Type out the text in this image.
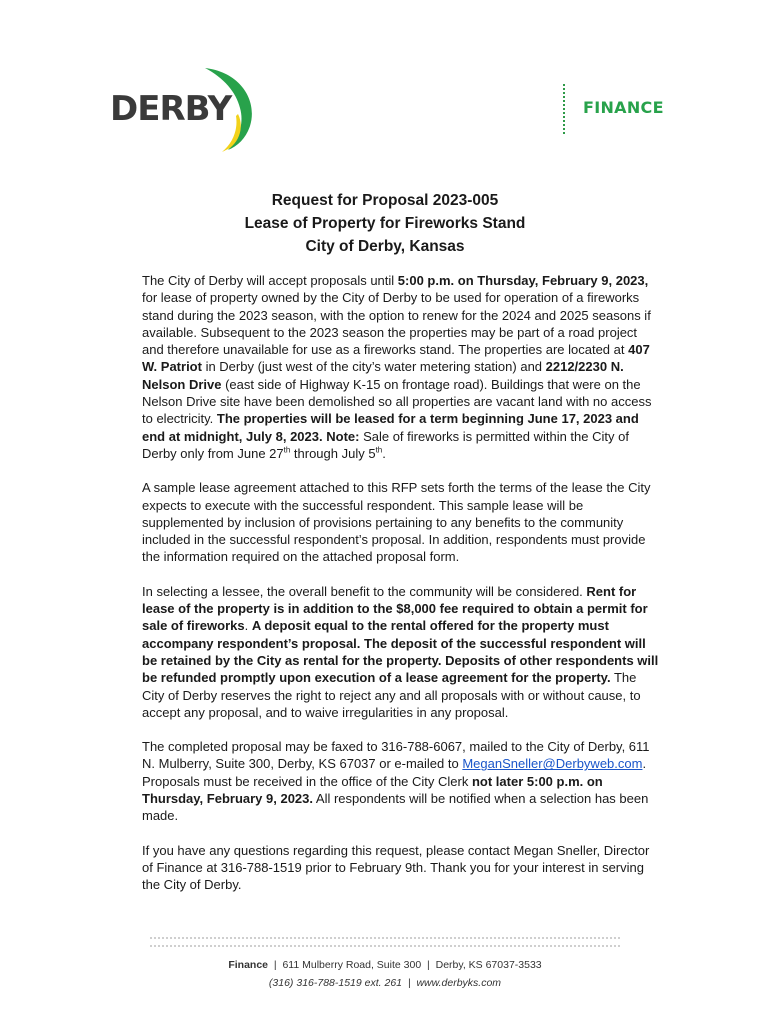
DERBY	FINANCE
Request for Proposal 2023-005
Lease of Property for Fireworks Stand
City of Derby, Kansas

The City of Derby will accept proposals until 5:00 p.m. on Thursday, February 9, 2023, for lease of property owned by the City of Derby to be used for operation of a fireworks stand during the 2023 season, with the option to renew for the 2024 and 2025 seasons if available. Subsequent to the 2023 season the properties may be part of a road project and therefore unavailable for use as a fireworks stand. The properties are located at 407 W. Patriot in Derby (just west of the city’s water metering station) and 2212/2230 N. Nelson Drive (east side of Highway K-15 on frontage road). Buildings that were on the Nelson Drive site have been demolished so all properties are vacant land with no access to electricity. The properties will be leased for a term beginning June 17, 2023 and end at midnight, July 8, 2023. Note: Sale of fireworks is permitted within the City of Derby only from June 27th through July 5th.

A sample lease agreement attached to this RFP sets forth the terms of the lease the City expects to execute with the successful respondent. This sample lease will be supplemented by inclusion of provisions pertaining to any benefits to the community included in the successful respondent’s proposal. In addition, respondents must provide the information required on the attached proposal form.

In selecting a lessee, the overall benefit to the community will be considered. Rent for lease of the property is in addition to the $8,000 fee required to obtain a permit for sale of fireworks. A deposit equal to the rental offered for the property must accompany respondent’s proposal. The deposit of the successful respondent will be retained by the City as rental for the property. Deposits of other respondents will be refunded promptly upon execution of a lease agreement for the property. The City of Derby reserves the right to reject any and all proposals with or without cause, to accept any proposal, and to waive irregularities in any proposal.

The completed proposal may be faxed to 316-788-6067, mailed to the City of Derby, 611 N. Mulberry, Suite 300, Derby, KS 67037 or e-mailed to MeganSneller@Derbyweb.com. Proposals must be received in the office of the City Clerk not later 5:00 p.m. on Thursday, February 9, 2023. All respondents will be notified when a selection has been made.

If you have any questions regarding this request, please contact Megan Sneller, Director of Finance at 316-788-1519 prior to February 9th. Thank you for your interest in serving the City of Derby.

Finance | 611 Mulberry Road, Suite 300 | Derby, KS 67037-3533
(316) 316-788-1519 ext. 261 | www.derbyks.com
